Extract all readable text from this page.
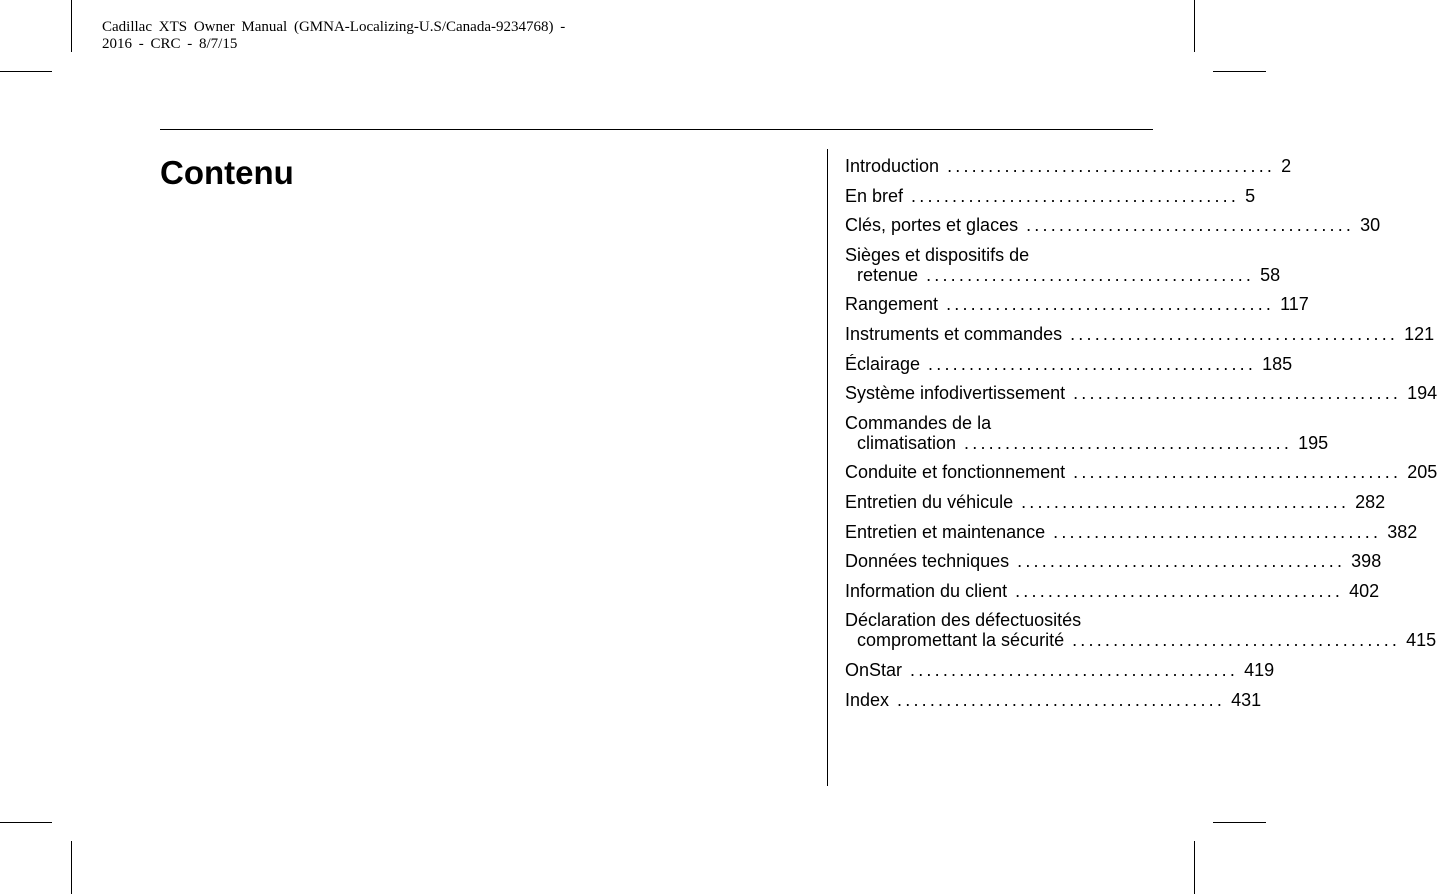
Cadillac XTS Owner Manual (GMNA-Localizing-U.S/Canada-9234768) -
2016 - CRC - 8/7/15
Contenu	Introduction ........................................ 2
En bref ........................................ 5
Clés, portes et glaces ........................................ 30
Sièges et dispositifs de
retenue ........................................ 58
Rangement ........................................ 117
Instruments et commandes ........................................ 121
Éclairage ........................................ 185
Système infodivertissement ........................................ 194
Commandes de la
climatisation ........................................ 195
Conduite et fonctionnement ........................................ 205
Entretien du véhicule ........................................ 282
Entretien et maintenance ........................................ 382
Données techniques ........................................ 398
Information du client ........................................ 402
Déclaration des défectuosités
compromettant la sécurité ........................................ 415
OnStar ........................................ 419
Index ........................................ 431
